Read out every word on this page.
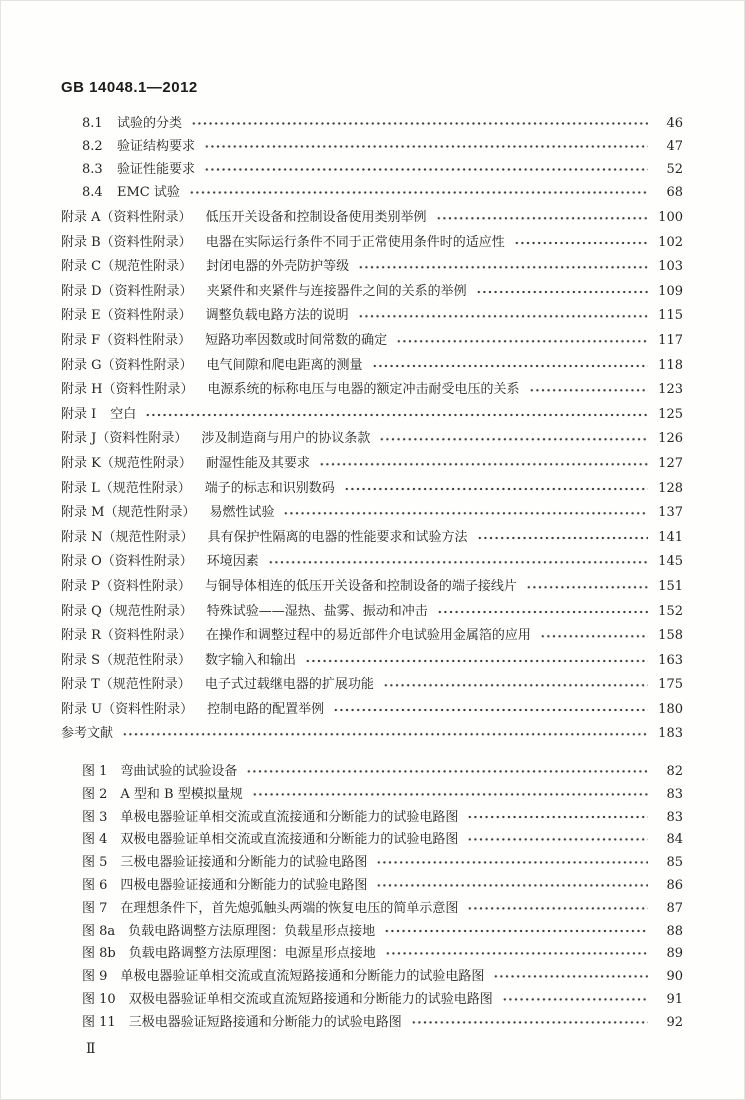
GB 14048.1—2012
8.1	试验的分类	46
8.2	验证结构要求	47
8.3	验证性能要求	52
8.4	EMC 试验	68
附录 A（资料性附录） 低压开关设备和控制设备使用类别举例	100
附录 B（资料性附录） 电器在实际运行条件不同于正常使用条件时的适应性	102
附录 C（规范性附录） 封闭电器的外壳防护等级	103
附录 D（资料性附录） 夹紧件和夹紧件与连接器件之间的关系的举例	109
附录 E（资料性附录） 调整负载电路方法的说明	115
附录 F（资料性附录） 短路功率因数或时间常数的确定	117
附录 G（资料性附录） 电气间隙和爬电距离的测量	118
附录 H（资料性附录） 电源系统的标称电压与电器的额定冲击耐受电压的关系	123
附录 I 空白	125
附录 J（资料性附录） 涉及制造商与用户的协议条款	126
附录 K（规范性附录） 耐湿性能及其要求	127
附录 L（规范性附录） 端子的标志和识别数码	128
附录 M（规范性附录） 易燃性试验	137
附录 N（规范性附录） 具有保护性隔离的电器的性能要求和试验方法	141
附录 O（资料性附录） 环境因素	145
附录 P（资料性附录） 与铜导体相连的低压开关设备和控制设备的端子接线片	151
附录 Q（规范性附录） 特殊试验——湿热、盐雾、振动和冲击	152
附录 R（资料性附录） 在操作和调整过程中的易近部件介电试验用金属箔的应用	158
附录 S（规范性附录） 数字输入和输出	163
附录 T（规范性附录） 电子式过载继电器的扩展功能	175
附录 U（资料性附录） 控制电路的配置举例	180
参考文献	183
图 1 弯曲试验的试验设备	82
图 2 A 型和 B 型模拟量规	83
图 3 单极电器验证单相交流或直流接通和分断能力的试验电路图	83
图 4 双极电器验证单相交流或直流接通和分断能力的试验电路图	84
图 5 三极电器验证接通和分断能力的试验电路图	85
图 6 四极电器验证接通和分断能力的试验电路图	86
图 7 在理想条件下，首先熄弧触头两端的恢复电压的简单示意图	87
图 8a 负载电路调整方法原理图：负载星形点接地	88
图 8b 负载电路调整方法原理图：电源星形点接地	89
图 9 单极电器验证单相交流或直流短路接通和分断能力的试验电路图	90
图 10 双极电器验证单相交流或直流短路接通和分断能力的试验电路图	91
图 11 三极电器验证短路接通和分断能力的试验电路图	92
Ⅱ
